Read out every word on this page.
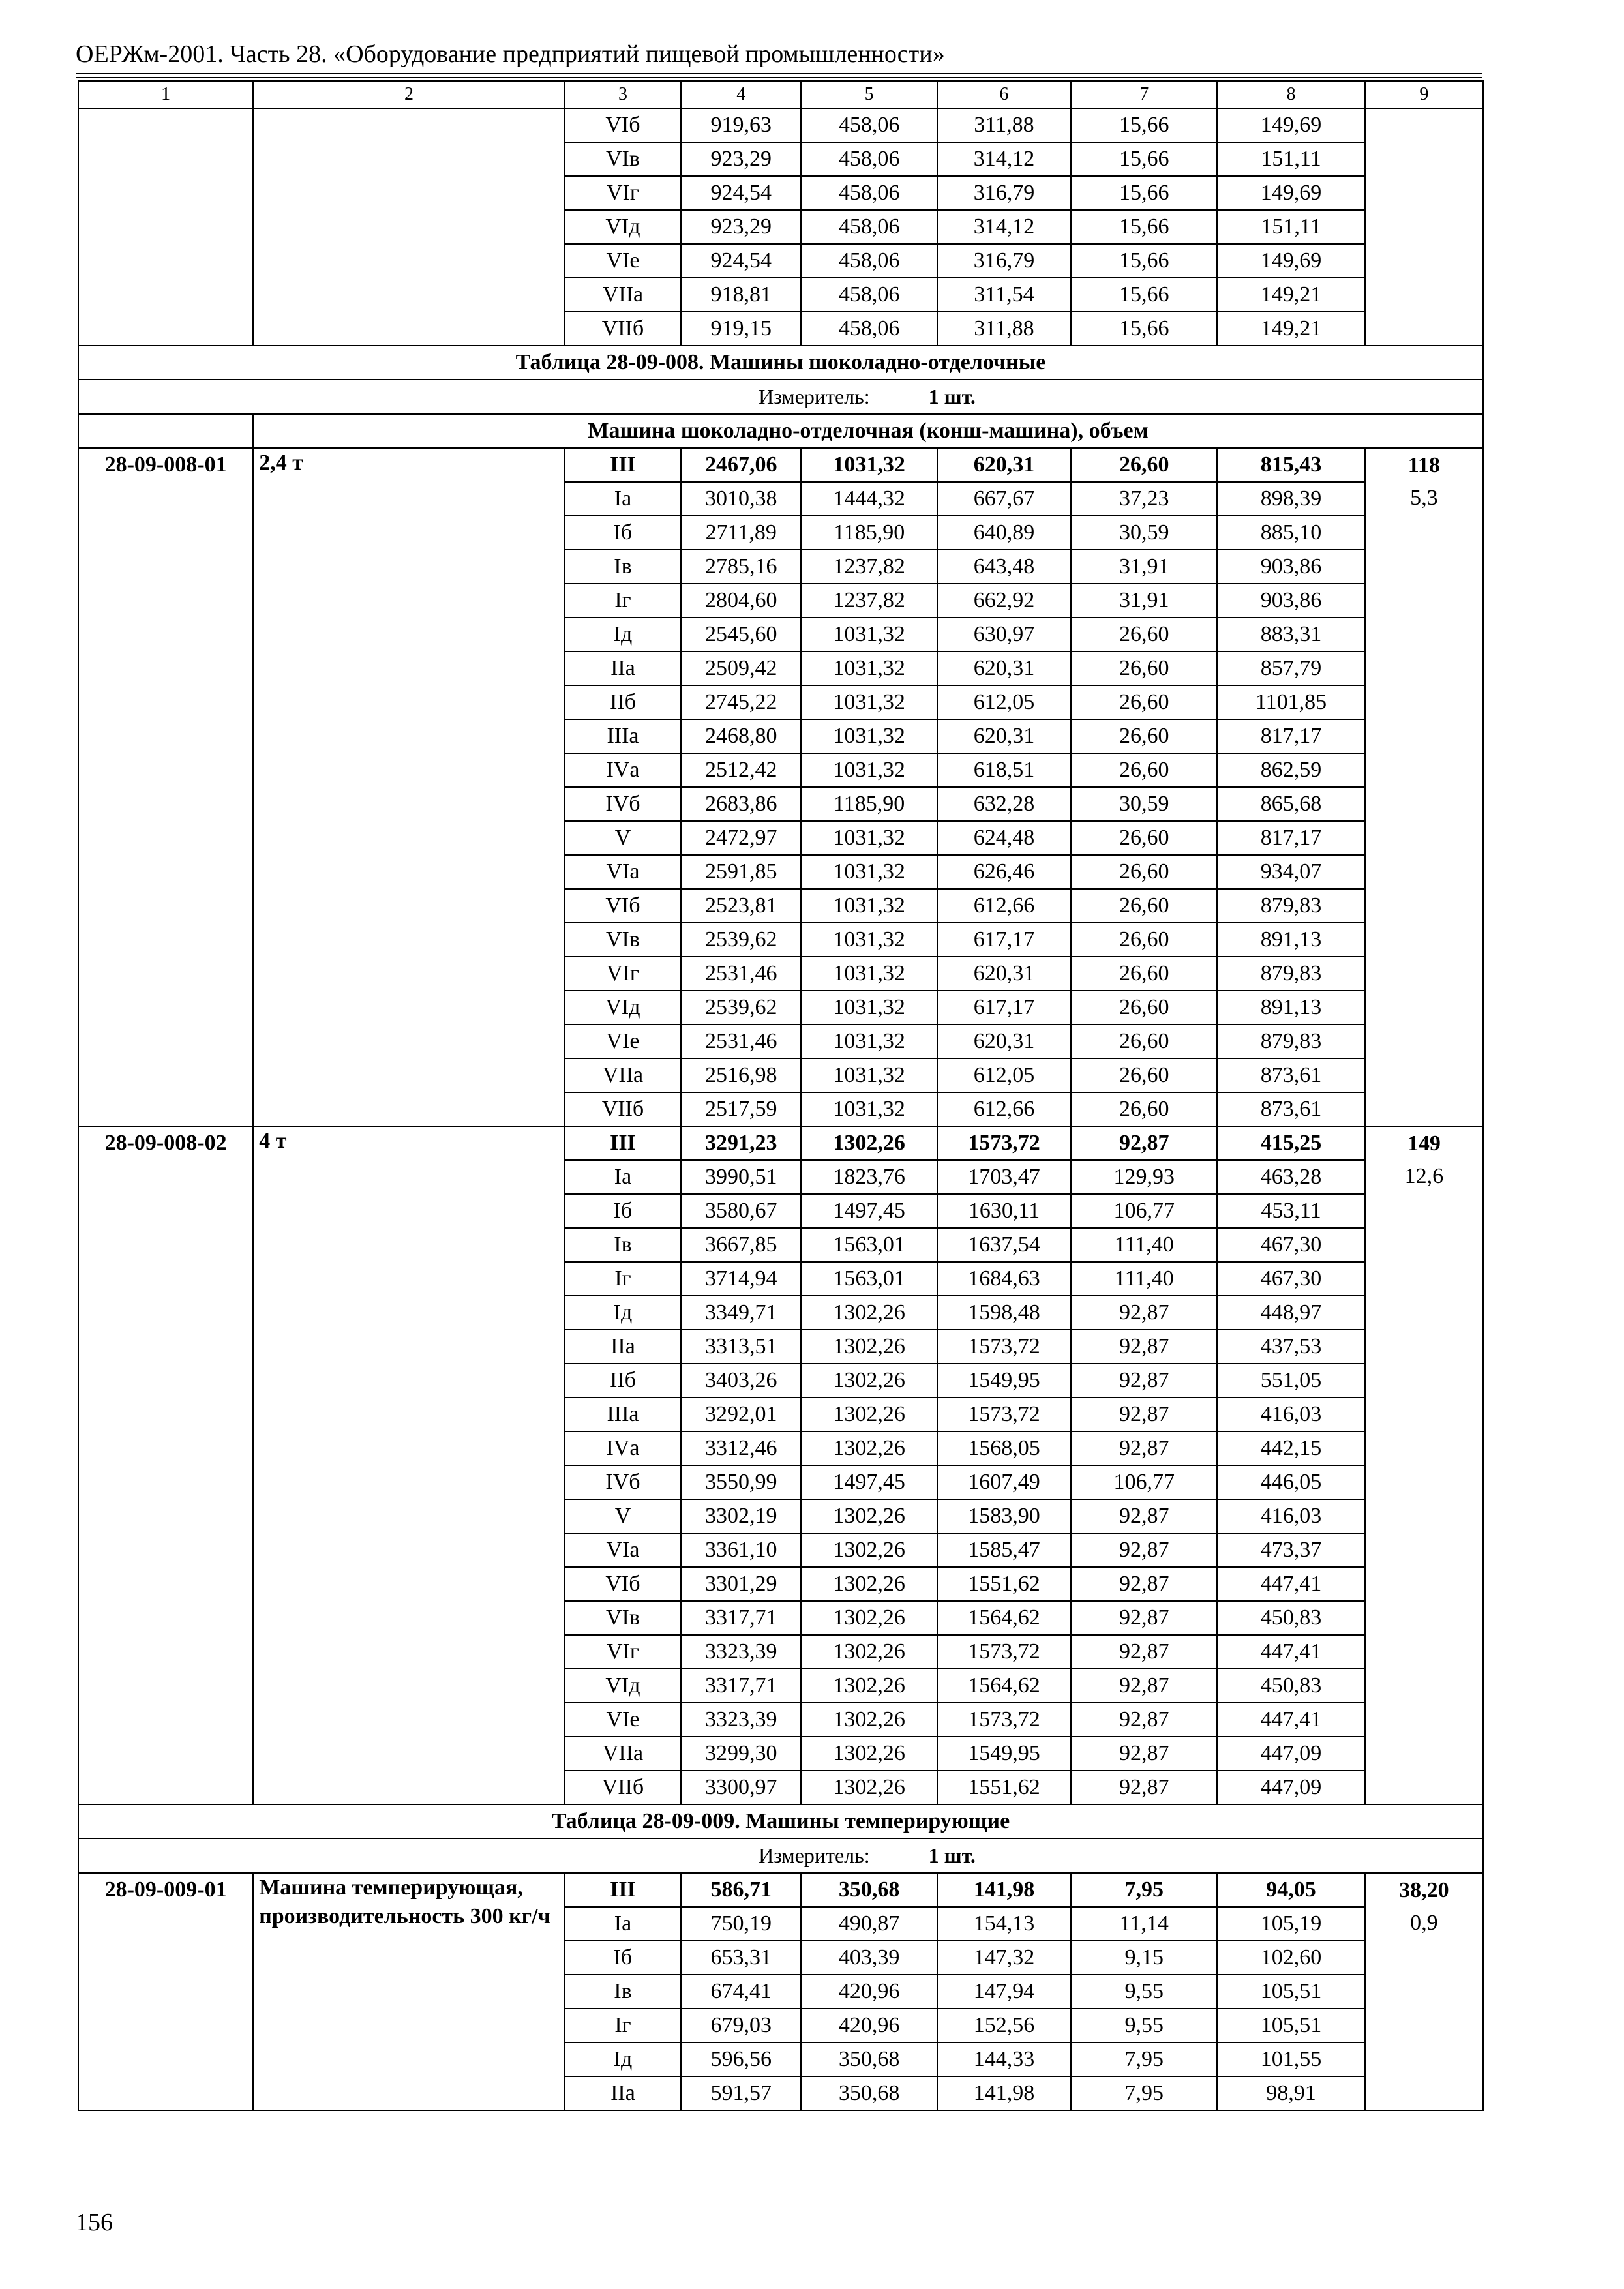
ОЕРЖм-2001. Часть 28. «Оборудование предприятий пищевой промышленности»
1	2	3	4	5	6	7	8	9
		VIб	919,63	458,06	311,88	15,66	149,69	
		VIв	923,29	458,06	314,12	15,66	151,11	
		VIг	924,54	458,06	316,79	15,66	149,69	
		VIд	923,29	458,06	314,12	15,66	151,11	
		VIе	924,54	458,06	316,79	15,66	149,69	
		VIIа	918,81	458,06	311,54	15,66	149,21	
		VIIб	919,15	458,06	311,88	15,66	149,21	
Таблица 28-09-008. Машины шоколадно-отделочные								
Измеритель: 1 шт.								
	Машина шоколадно-отделочная (конш-машина), объем							
28-09-008-01	2,4 т	III	2467,06	1031,32	620,31	26,60	815,43	118
		Iа	3010,38	1444,32	667,67	37,23	898,39	5,3
		Iб	2711,89	1185,90	640,89	30,59	885,10	
		Iв	2785,16	1237,82	643,48	31,91	903,86	
		Iг	2804,60	1237,82	662,92	31,91	903,86	
		Iд	2545,60	1031,32	630,97	26,60	883,31	
		IIа	2509,42	1031,32	620,31	26,60	857,79	
		IIб	2745,22	1031,32	612,05	26,60	1101,85	
		IIIа	2468,80	1031,32	620,31	26,60	817,17	
		IVа	2512,42	1031,32	618,51	26,60	862,59	
		IVб	2683,86	1185,90	632,28	30,59	865,68	
		V	2472,97	1031,32	624,48	26,60	817,17	
		VIа	2591,85	1031,32	626,46	26,60	934,07	
		VIб	2523,81	1031,32	612,66	26,60	879,83	
		VIв	2539,62	1031,32	617,17	26,60	891,13	
		VIг	2531,46	1031,32	620,31	26,60	879,83	
		VIд	2539,62	1031,32	617,17	26,60	891,13	
		VIе	2531,46	1031,32	620,31	26,60	879,83	
		VIIа	2516,98	1031,32	612,05	26,60	873,61	
		VIIб	2517,59	1031,32	612,66	26,60	873,61	
28-09-008-02	4 т	III	3291,23	1302,26	1573,72	92,87	415,25	149
		Iа	3990,51	1823,76	1703,47	129,93	463,28	12,6
		Iб	3580,67	1497,45	1630,11	106,77	453,11	
		Iв	3667,85	1563,01	1637,54	111,40	467,30	
		Iг	3714,94	1563,01	1684,63	111,40	467,30	
		Iд	3349,71	1302,26	1598,48	92,87	448,97	
		IIа	3313,51	1302,26	1573,72	92,87	437,53	
		IIб	3403,26	1302,26	1549,95	92,87	551,05	
		IIIа	3292,01	1302,26	1573,72	92,87	416,03	
		IVа	3312,46	1302,26	1568,05	92,87	442,15	
		IVб	3550,99	1497,45	1607,49	106,77	446,05	
		V	3302,19	1302,26	1583,90	92,87	416,03	
		VIа	3361,10	1302,26	1585,47	92,87	473,37	
		VIб	3301,29	1302,26	1551,62	92,87	447,41	
		VIв	3317,71	1302,26	1564,62	92,87	450,83	
		VIг	3323,39	1302,26	1573,72	92,87	447,41	
		VIд	3317,71	1302,26	1564,62	92,87	450,83	
		VIе	3323,39	1302,26	1573,72	92,87	447,41	
		VIIа	3299,30	1302,26	1549,95	92,87	447,09	
		VIIб	3300,97	1302,26	1551,62	92,87	447,09	
Таблица 28-09-009. Машины темперирующие								
Измеритель: 1 шт.								
28-09-009-01	Машина темперирующая, производительность 300 кг/ч	III	586,71	350,68	141,98	7,95	94,05	38,20
		Iа	750,19	490,87	154,13	11,14	105,19	0,9
		Iб	653,31	403,39	147,32	9,15	102,60	
		Iв	674,41	420,96	147,94	9,55	105,51	
		Iг	679,03	420,96	152,56	9,55	105,51	
		Iд	596,56	350,68	144,33	7,95	101,55	
		IIа	591,57	350,68	141,98	7,95	98,91	
156
